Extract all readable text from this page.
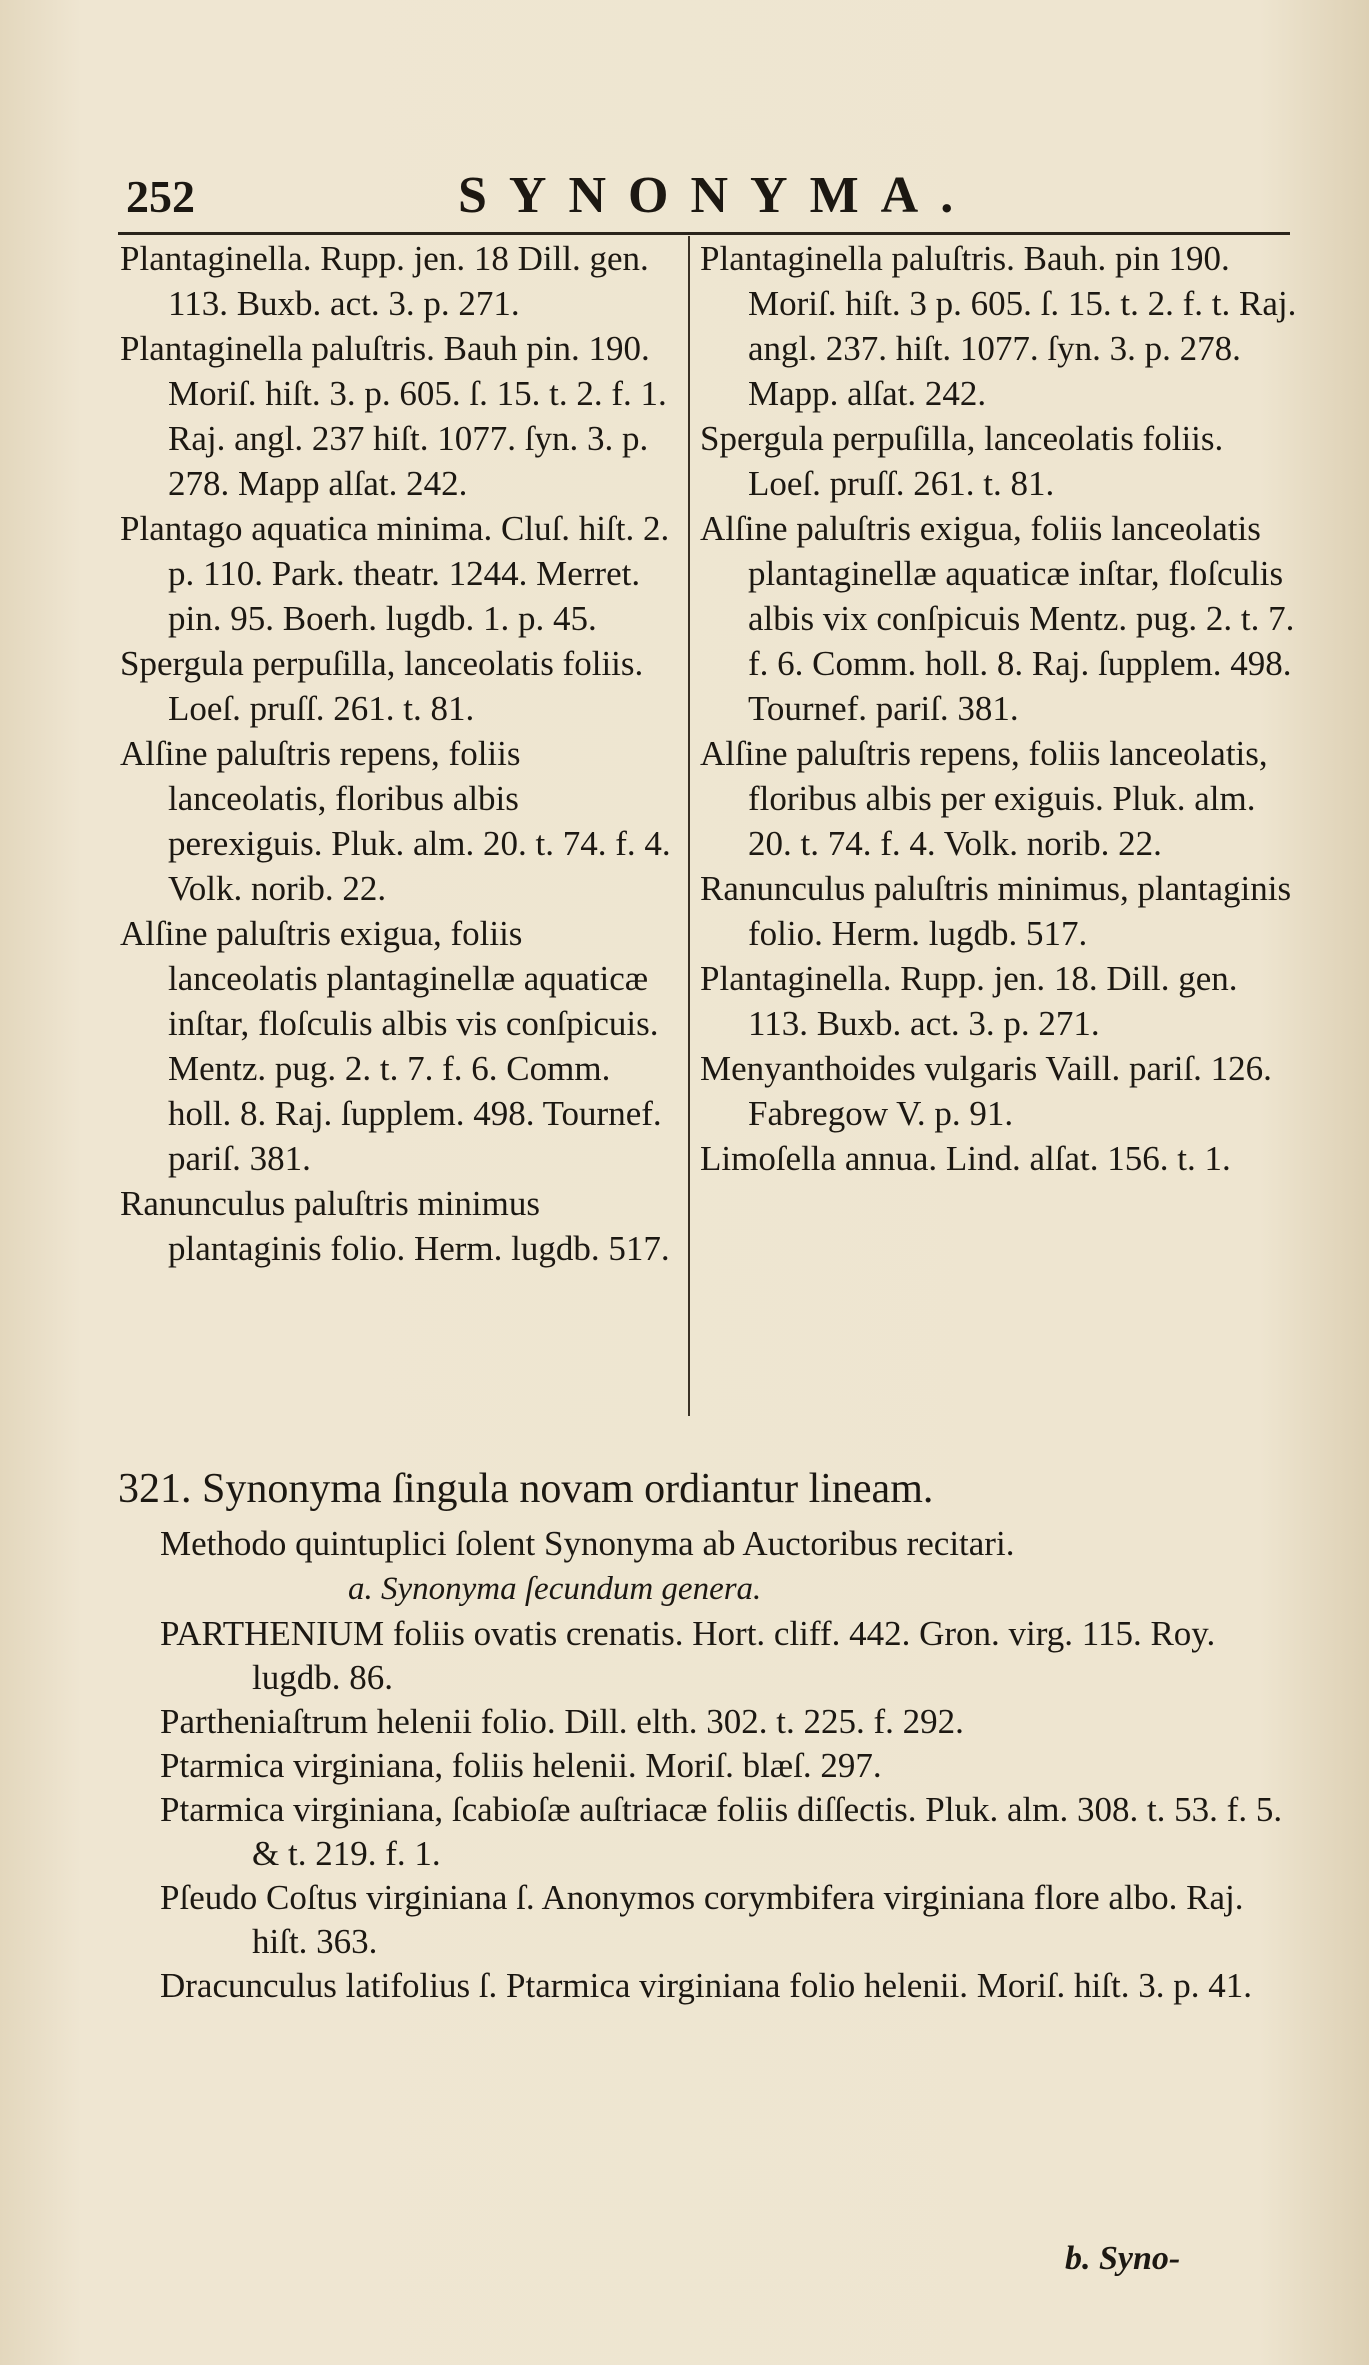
252	SYNONYMA.

Plantaginella. Rupp. jen. 18 Dill. gen. 113. Buxb. act. 3. p. 271.

Plantaginella paluſtris. Bauh pin. 190. Moriſ. hiſt. 3. p. 605. ſ. 15. t. 2. f. 1. Raj. angl. 237 hiſt. 1077. ſyn. 3. p. 278. Mapp alſat. 242.

Plantago aquatica minima. Cluſ. hiſt. 2. p. 110. Park. theatr. 1244. Merret. pin. 95. Boerh. lugdb. 1. p. 45.

Spergula perpuſilla, lanceolatis foliis. Loeſ. pruſſ. 261. t. 81.

Alſine paluſtris repens, foliis lanceolatis, floribus albis perexiguis. Pluk. alm. 20. t. 74. f. 4. Volk. norib. 22.

Alſine paluſtris exigua, foliis lanceolatis plantaginellæ aquaticæ inſtar, floſculis albis vis conſpicuis. Mentz. pug. 2. t. 7. f. 6. Comm. holl. 8. Raj. ſupplem. 498. Tournef. pariſ. 381.

Ranunculus paluſtris minimus plantaginis folio. Herm. lugdb. 517.

Plantaginella paluſtris. Bauh. pin 190. Moriſ. hiſt. 3 p. 605. ſ. 15. t. 2. f. t. Raj. angl. 237. hiſt. 1077. ſyn. 3. p. 278. Mapp. alſat. 242.

Spergula perpuſilla, lanceolatis foliis. Loeſ. pruſſ. 261. t. 81.

Alſine paluſtris exigua, foliis lanceolatis plantaginellæ aquaticæ inſtar, floſculis albis vix conſpicuis Mentz. pug. 2. t. 7. f. 6. Comm. holl. 8. Raj. ſupplem. 498. Tournef. pariſ. 381.

Alſine paluſtris repens, foliis lanceolatis, floribus albis per exiguis. Pluk. alm. 20. t. 74. f. 4. Volk. norib. 22.

Ranunculus paluſtris minimus, plantaginis folio. Herm. lugdb. 517.

Plantaginella. Rupp. jen. 18. Dill. gen. 113. Buxb. act. 3. p. 271.

Menyanthoides vulgaris Vaill. pariſ. 126. Fabregow V. p. 91.

Limoſella annua. Lind. alſat. 156. t. 1.

321. Synonyma ſingula novam ordiantur lineam.

Methodo quintuplici ſolent Synonyma ab Auctoribus recitari.

a. Synonyma ſecundum genera.

PARTHENIUM foliis ovatis crenatis. Hort. cliff. 442. Gron. virg. 115. Roy. lugdb. 86.

Partheniaſtrum helenii folio. Dill. elth. 302. t. 225. f. 292.

Ptarmica virginiana, foliis helenii. Moriſ. blæſ. 297.

Ptarmica virginiana, ſcabioſæ auſtriacæ foliis diſſectis. Pluk. alm. 308. t. 53. f. 5. & t. 219. f. 1.

Pſeudo Coſtus virginiana ſ. Anonymos corymbifera virginiana flore albo. Raj. hiſt. 363.

Dracunculus latifolius ſ. Ptarmica virginiana folio helenii. Moriſ. hiſt. 3. p. 41.

b. Syno-
